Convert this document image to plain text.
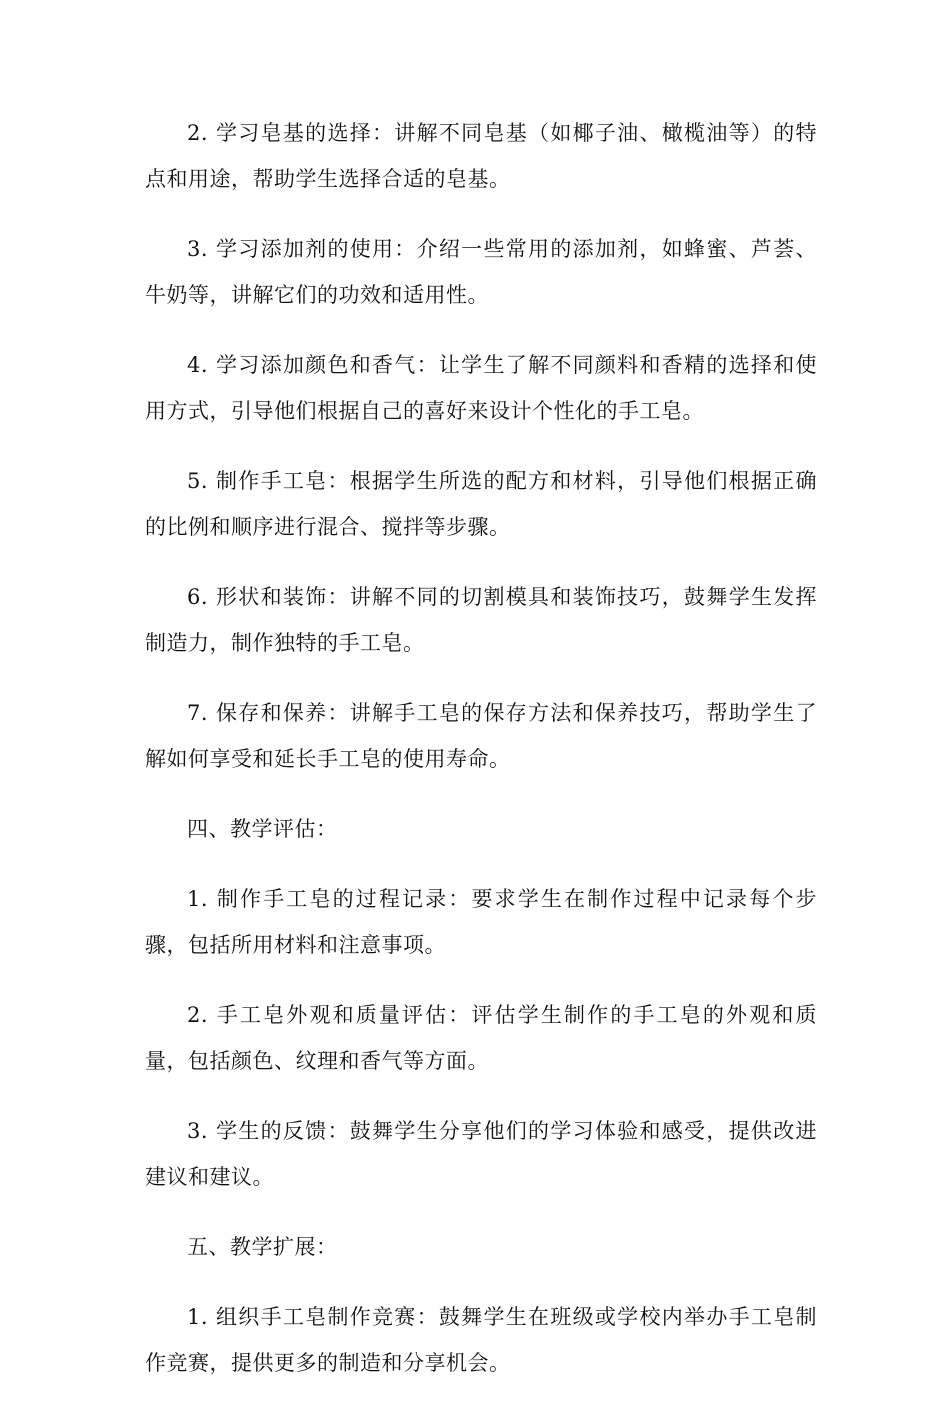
2. 学习皂基的选择：讲解不同皂基（如椰子油、橄榄油等）的特点和用途，帮助学生选择合适的皂基。

3. 学习添加剂的使用：介绍一些常用的添加剂，如蜂蜜、芦荟、牛奶等，讲解它们的功效和适用性。

4. 学习添加颜色和香气：让学生了解不同颜料和香精的选择和使用方式，引导他们根据自己的喜好来设计个性化的手工皂。

5. 制作手工皂：根据学生所选的配方和材料，引导他们根据正确的比例和顺序进行混合、搅拌等步骤。

6. 形状和装饰：讲解不同的切割模具和装饰技巧，鼓舞学生发挥制造力，制作独特的手工皂。

7. 保存和保养：讲解手工皂的保存方法和保养技巧，帮助学生了解如何享受和延长手工皂的使用寿命。

四、教学评估：

1. 制作手工皂的过程记录：要求学生在制作过程中记录每个步骤，包括所用材料和注意事项。

2. 手工皂外观和质量评估：评估学生制作的手工皂的外观和质量，包括颜色、纹理和香气等方面。

3. 学生的反馈：鼓舞学生分享他们的学习体验和感受，提供改进建议和建议。

五、教学扩展：

1. 组织手工皂制作竞赛：鼓舞学生在班级或学校内举办手工皂制作竞赛，提供更多的制造和分享机会。
